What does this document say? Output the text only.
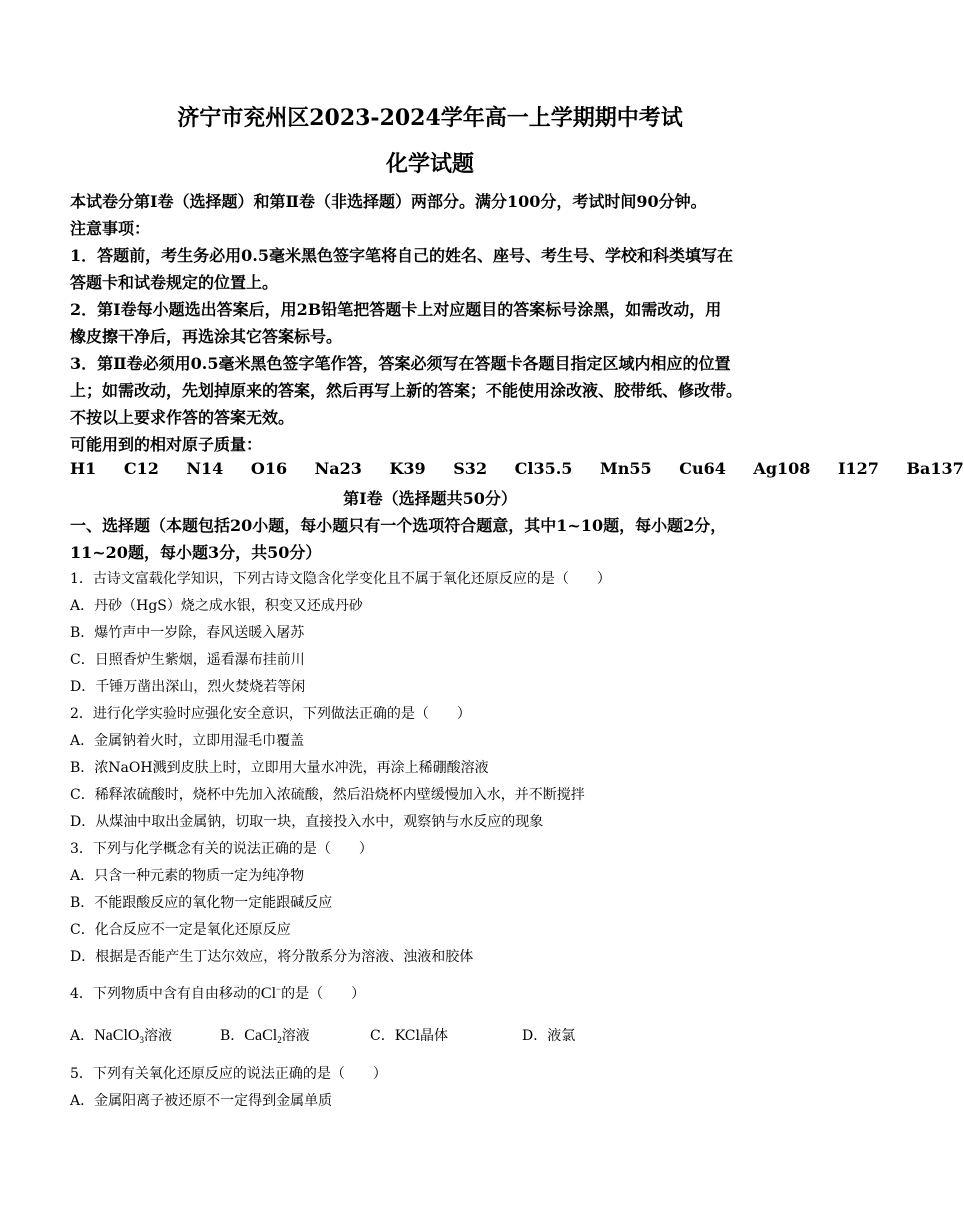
济宁市兖州区2023-2024学年高一上学期期中考试
化学试题
本试卷分第Ⅰ卷（选择题）和第Ⅱ卷（非选择题）两部分。满分100分，考试时间90分钟。
注意事项：
1．答题前，考生务必用0.5毫米黑色签字笔将自己的姓名、座号、考生号、学校和科类填写在
答题卡和试卷规定的位置上。
2．第Ⅰ卷每小题选出答案后，用2B铅笔把答题卡上对应题目的答案标号涂黑，如需改动，用
橡皮擦干净后，再选涂其它答案标号。
3．第Ⅱ卷必须用0.5毫米黑色签字笔作答，答案必须写在答题卡各题目指定区域内相应的位置
上；如需改动，先划掉原来的答案，然后再写上新的答案；不能使用涂改液、胶带纸、修改带。
不按以上要求作答的答案无效。
可能用到的相对原子质量：
H1 C12 N14 O16 Na23 K39 S32 Cl35.5 Mn55 Cu64 Ag108 I127 Ba137
第Ⅰ卷（选择题共50分）
一、选择题（本题包括20小题，每小题只有一个选项符合题意，其中1~10题，每小题2分，
11~20题，每小题3分，共50分）
1．古诗文富载化学知识，下列古诗文隐含化学变化且不属于氧化还原反应的是（　　）
A．丹砂（HgS）烧之成水银，积变又还成丹砂
B．爆竹声中一岁除，春风送暖入屠苏
C．日照香炉生紫烟，遥看瀑布挂前川
D．千锤万凿出深山，烈火焚烧若等闲
2．进行化学实验时应强化安全意识，下列做法正确的是（　　）
A．金属钠着火时，立即用湿毛巾覆盖
B．浓NaOH溅到皮肤上时，立即用大量水冲洗，再涂上稀硼酸溶液
C．稀释浓硫酸时，烧杯中先加入浓硫酸，然后沿烧杯内壁缓慢加入水，并不断搅拌
D．从煤油中取出金属钠，切取一块，直接投入水中，观察钠与水反应的现象
3．下列与化学概念有关的说法正确的是（　　）
A．只含一种元素的物质一定为纯净物
B．不能跟酸反应的氧化物一定能跟碱反应
C．化合反应不一定是氧化还原反应
D．根据是否能产生丁达尔效应，将分散系分为溶液、浊液和胶体
4．下列物质中含有自由移动的Cl−的是（　　）
A．NaClO$_3$溶液	B．CaCl$_2$溶液	C．KCl晶体	D．液氯
5．下列有关氧化还原反应的说法正确的是（　　）
A．金属阳离子被还原不一定得到金属单质
